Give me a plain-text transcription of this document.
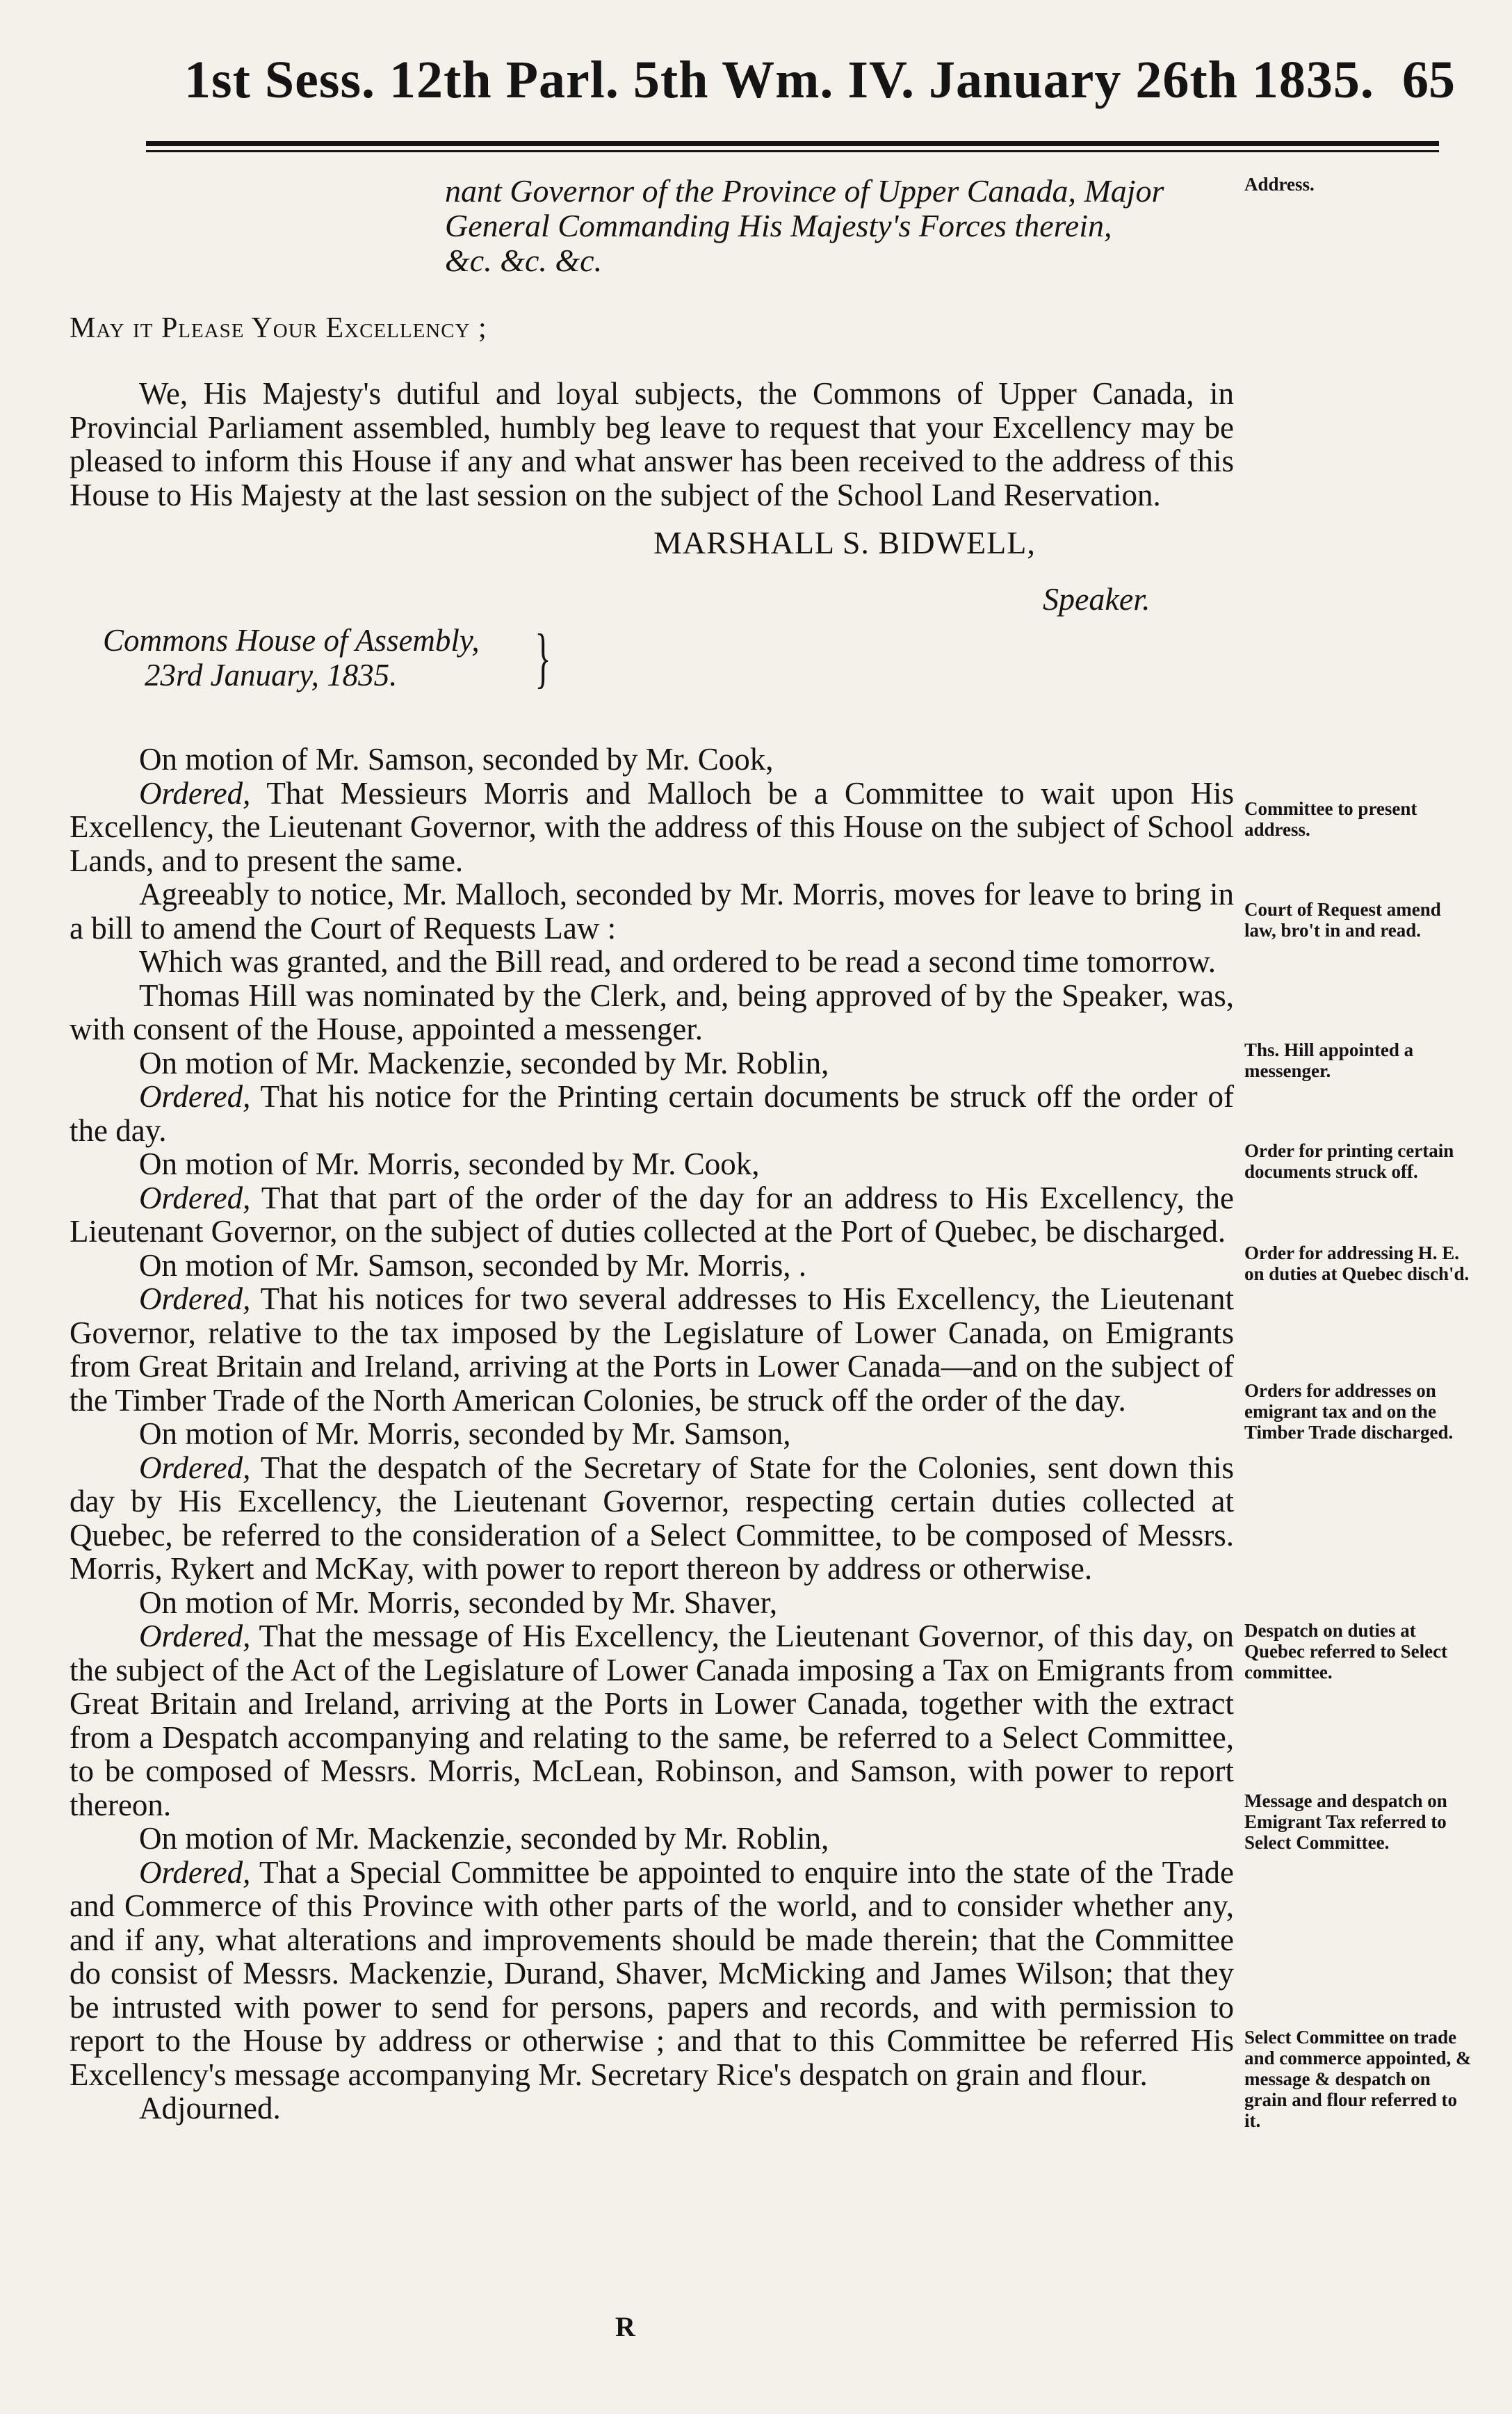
1st Sess. 12th Parl. 5th Wm. IV. January 26th 1835. 65
nant Governor of the Province of Upper Canada, Major
General Commanding His Majesty's Forces therein,
&c. &c. &c.
May it Please Your Excellency ;

We, His Majesty's dutiful and loyal subjects, the Commons of Upper Canada, in Provincial Parliament assembled, humbly beg leave to request that your Excellency may be pleased to inform this House if any and what answer has been received to the address of this House to His Majesty at the last session on the subject of the School Land Reservation.

MARSHALL S. BIDWELL,
Speaker.
Commons House of Assembly,
23rd January, 1835.	}

On motion of Mr. Samson, seconded by Mr. Cook,

Ordered, That Messieurs Morris and Malloch be a Committee to wait upon His Excellency, the Lieutenant Governor, with the address of this House on the subject of School Lands, and to present the same.

Agreeably to notice, Mr. Malloch, seconded by Mr. Morris, moves for leave to bring in a bill to amend the Court of Requests Law :

Which was granted, and the Bill read, and ordered to be read a second time tomorrow.

Thomas Hill was nominated by the Clerk, and, being approved of by the Speaker, was, with consent of the House, appointed a messenger.

On motion of Mr. Mackenzie, seconded by Mr. Roblin,

Ordered, That his notice for the Printing certain documents be struck off the order of the day.

On motion of Mr. Morris, seconded by Mr. Cook,

Ordered, That that part of the order of the day for an address to His Excellency, the Lieutenant Governor, on the subject of duties collected at the Port of Quebec, be discharged.

On motion of Mr. Samson, seconded by Mr. Morris, .

Ordered, That his notices for two several addresses to His Excellency, the Lieutenant Governor, relative to the tax imposed by the Legislature of Lower Canada, on Emigrants from Great Britain and Ireland, arriving at the Ports in Lower Canada—and on the subject of the Timber Trade of the North American Colonies, be struck off the order of the day.

On motion of Mr. Morris, seconded by Mr. Samson,

Ordered, That the despatch of the Secretary of State for the Colonies, sent down this day by His Excellency, the Lieutenant Governor, respecting certain duties collected at Quebec, be referred to the consideration of a Select Committee, to be composed of Messrs. Morris, Rykert and McKay, with power to report thereon by address or otherwise.

On motion of Mr. Morris, seconded by Mr. Shaver,

Ordered, That the message of His Excellency, the Lieutenant Governor, of this day, on the subject of the Act of the Legislature of Lower Canada imposing a Tax on Emigrants from Great Britain and Ireland, arriving at the Ports in Lower Canada, together with the extract from a Despatch accompanying and relating to the same, be referred to a Select Committee, to be composed of Messrs. Morris, McLean, Robinson, and Samson, with power to report thereon.

On motion of Mr. Mackenzie, seconded by Mr. Roblin,

Ordered, That a Special Committee be appointed to enquire into the state of the Trade and Commerce of this Province with other parts of the world, and to consider whether any, and if any, what alterations and improvements should be made therein; that the Committee do consist of Messrs. Mackenzie, Durand, Shaver, McMicking and James Wilson; that they be intrusted with power to send for persons, papers and records, and with permission to report to the House by address or otherwise ; and that to this Committee be referred His Excellency's message accompanying Mr. Secretary Rice's despatch on grain and flour.

Adjourned.
Address.
Committee to present address.
Court of Request amend law, bro't in and read.
Ths. Hill appointed a messenger.
Order for printing certain documents struck off.
Order for addressing H. E. on duties at Quebec disch'd.
Orders for addresses on emigrant tax and on the Timber Trade discharged.
Despatch on duties at Quebec referred to Select committee.
Message and despatch on Emigrant Tax referred to Select Committee.
Select Committee on trade and commerce appointed, & message & despatch on grain and flour referred to it.
R
